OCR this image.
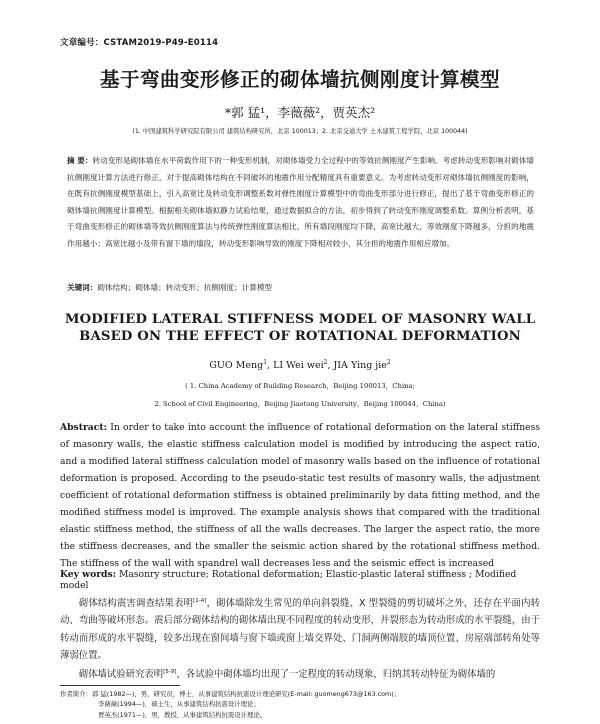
文章编号：CSTAM2019-P49-E0114
基于弯曲变形修正的砌体墙抗侧刚度计算模型
*郭 猛¹，李薇薇²，贾英杰²
(1. 中国建筑科学研究院有限公司 建筑结构研究所，北京 100013；2. 北京交通大学 土木建筑工程学院，北京 100044)
摘 要：转动变形是砌体墙在水平荷载作用下的一种变形机制，对砌体墙受力全过程中的等效抗侧刚度产生影响。考虑转动变形影响对砌体墙抗侧刚度计算方法进行修正，对于提高砌体结构在不同破坏的地震作用分配精度具有重要意义。为考虑转动变形对砌体墙抗侧刚度的影响，在既有抗侧刚度模型基础上，引入高宽比及转动变形调整系数对弹性刚度计算模型中的弯曲变形部分进行修正，提出了基于弯曲变形修正的砌体墙抗侧刚度计算模型。根据相关砌体墙拟静力试验结果，通过数据拟合的方法，初步得到了转动变形刚度调整系数。算例分析表明，基于弯曲变形修正的砌体墙等效抗侧刚度算法与传统弹性刚度算法相比，所有墙段刚度均下降，高宽比越大，等效刚度下降越多，分担的地震作用越小；高宽比越小及带有窗下墙的墙段，转动变形影响导致的刚度下降相对较小，其分担的地震作用相应增加。
关键词：砌体结构；砌体墙；转动变形；抗侧刚度；计算模型
MODIFIED LATERAL STIFFNESS MODEL OF MASONRY WALL BASED ON THE EFFECT OF ROTATIONAL DEFORMATION
GUO Meng$^1$, LI Wei wei$^2$, JIA Ying jie$^2$
( 1. China Academy of Building Research，Beijing 100013，China;
2. School of Civil Engineering，Beijing Jiaotong University，Beijing 100044，China)
Abstract: In order to take into account the influence of rotational deformation on the lateral stiffness of masonry walls, the elastic stiffness calculation model is modified by introducing the aspect ratio, and a modified lateral stiffness calculation model of masonry walls based on the influence of rotational deformation is proposed. According to the pseudo-static test results of masonry walls, the adjustment coefficient of rotational deformation stiffness is obtained preliminarily by data fitting method, and the modified stiffness model is improved. The example analysis shows that compared with the traditional elastic stiffness method, the stiffness of all the walls decreases. The larger the aspect ratio, the more the stiffness decreases, and the smaller the seismic action shared by the rotational stiffness method. The stiffness of the wall with spandrel wall decreases less and the seismic effect is increased
Key words: Masonry structure; Rotational deformation; Elastic-plastic lateral stiffness ; Modified model

砌体结构震害调查结果表明[1-4]，砌体墙除发生常见的单向斜裂缝、X 型裂缝的剪切破坏之外，还存在平面内转动、弯曲等破坏形态。震后部分砌体结构的砌体墙出现不同程度的转动变形，并裂形态为转动形成的水平裂缝，由于转动而形成的水平裂缝，较多出现在窗间墙与窗下墙或窗上墙交界处、门洞两侧端肢的墙顶位置、房屋端部转角处等薄弱位置。

砌体墙试验研究表明[5-9]，各试验中砌体墙均出现了一定程度的转动现象，归纳其转动特征为砌体墙的

作者简介：郭 猛(1982—)，男，研究员，博士，从事建筑结构抗震设计理论研究(E-mail: guomeng673@163.com)；
李薇薇(1994—)，硕士生，从事建筑结构抗震设计理论；
贾英杰(1971—)，男，教授，从事建筑结构抗震设计理论。
